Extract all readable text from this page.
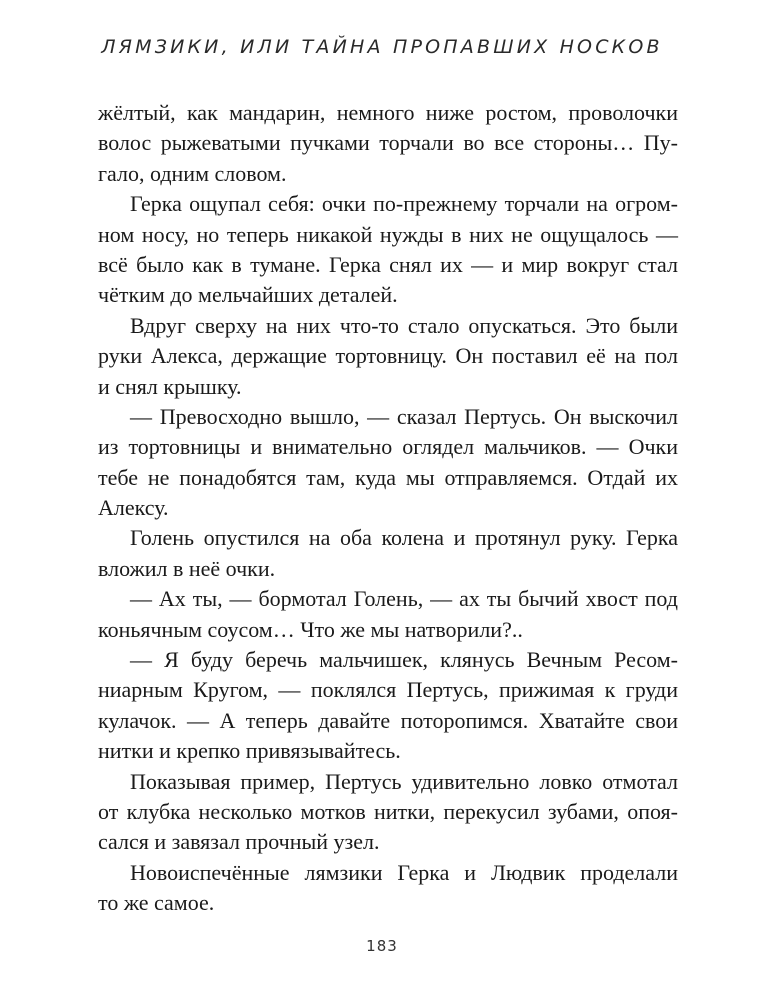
ЛЯМЗИКИ, ИЛИ ТАЙНА ПРОПАВШИХ НОСКОВ
жёлтый, как мандарин, немного ниже ростом, проволочки
волос рыжеватыми пучками торчали во все стороны… Пу-
гало, одним словом.
Герка ощупал себя: очки по-прежнему торчали на огром-
ном носу, но теперь никакой нужды в них не ощущалось —
всё было как в тумане. Герка снял их — и мир вокруг стал
чётким до мельчайших деталей.
Вдруг сверху на них что-то стало опускаться. Это были
руки Алекса, держащие тортовницу. Он поставил её на пол
и снял крышку.
— Превосходно вышло, — сказал Пертусь. Он выскочил
из тортовницы и внимательно оглядел мальчиков. — Очки
тебе не понадобятся там, куда мы отправляемся. Отдай их
Алексу.
Голень опустился на оба колена и протянул руку. Герка
вложил в неё очки.
— Ах ты, — бормотал Голень, — ах ты бычий хвост под
коньячным соусом… Что же мы натворили?..
— Я буду беречь мальчишек, клянусь Вечным Ресом-
ниарным Кругом, — поклялся Пертусь, прижимая к груди
кулачок. — А теперь давайте поторопимся. Хватайте свои
нитки и крепко привязывайтесь.
Показывая пример, Пертусь удивительно ловко отмотал
от клубка несколько мотков нитки, перекусил зубами, опоя-
сался и завязал прочный узел.
Новоиспечённые лямзики Герка и Людвик проделали
то же самое.
183
